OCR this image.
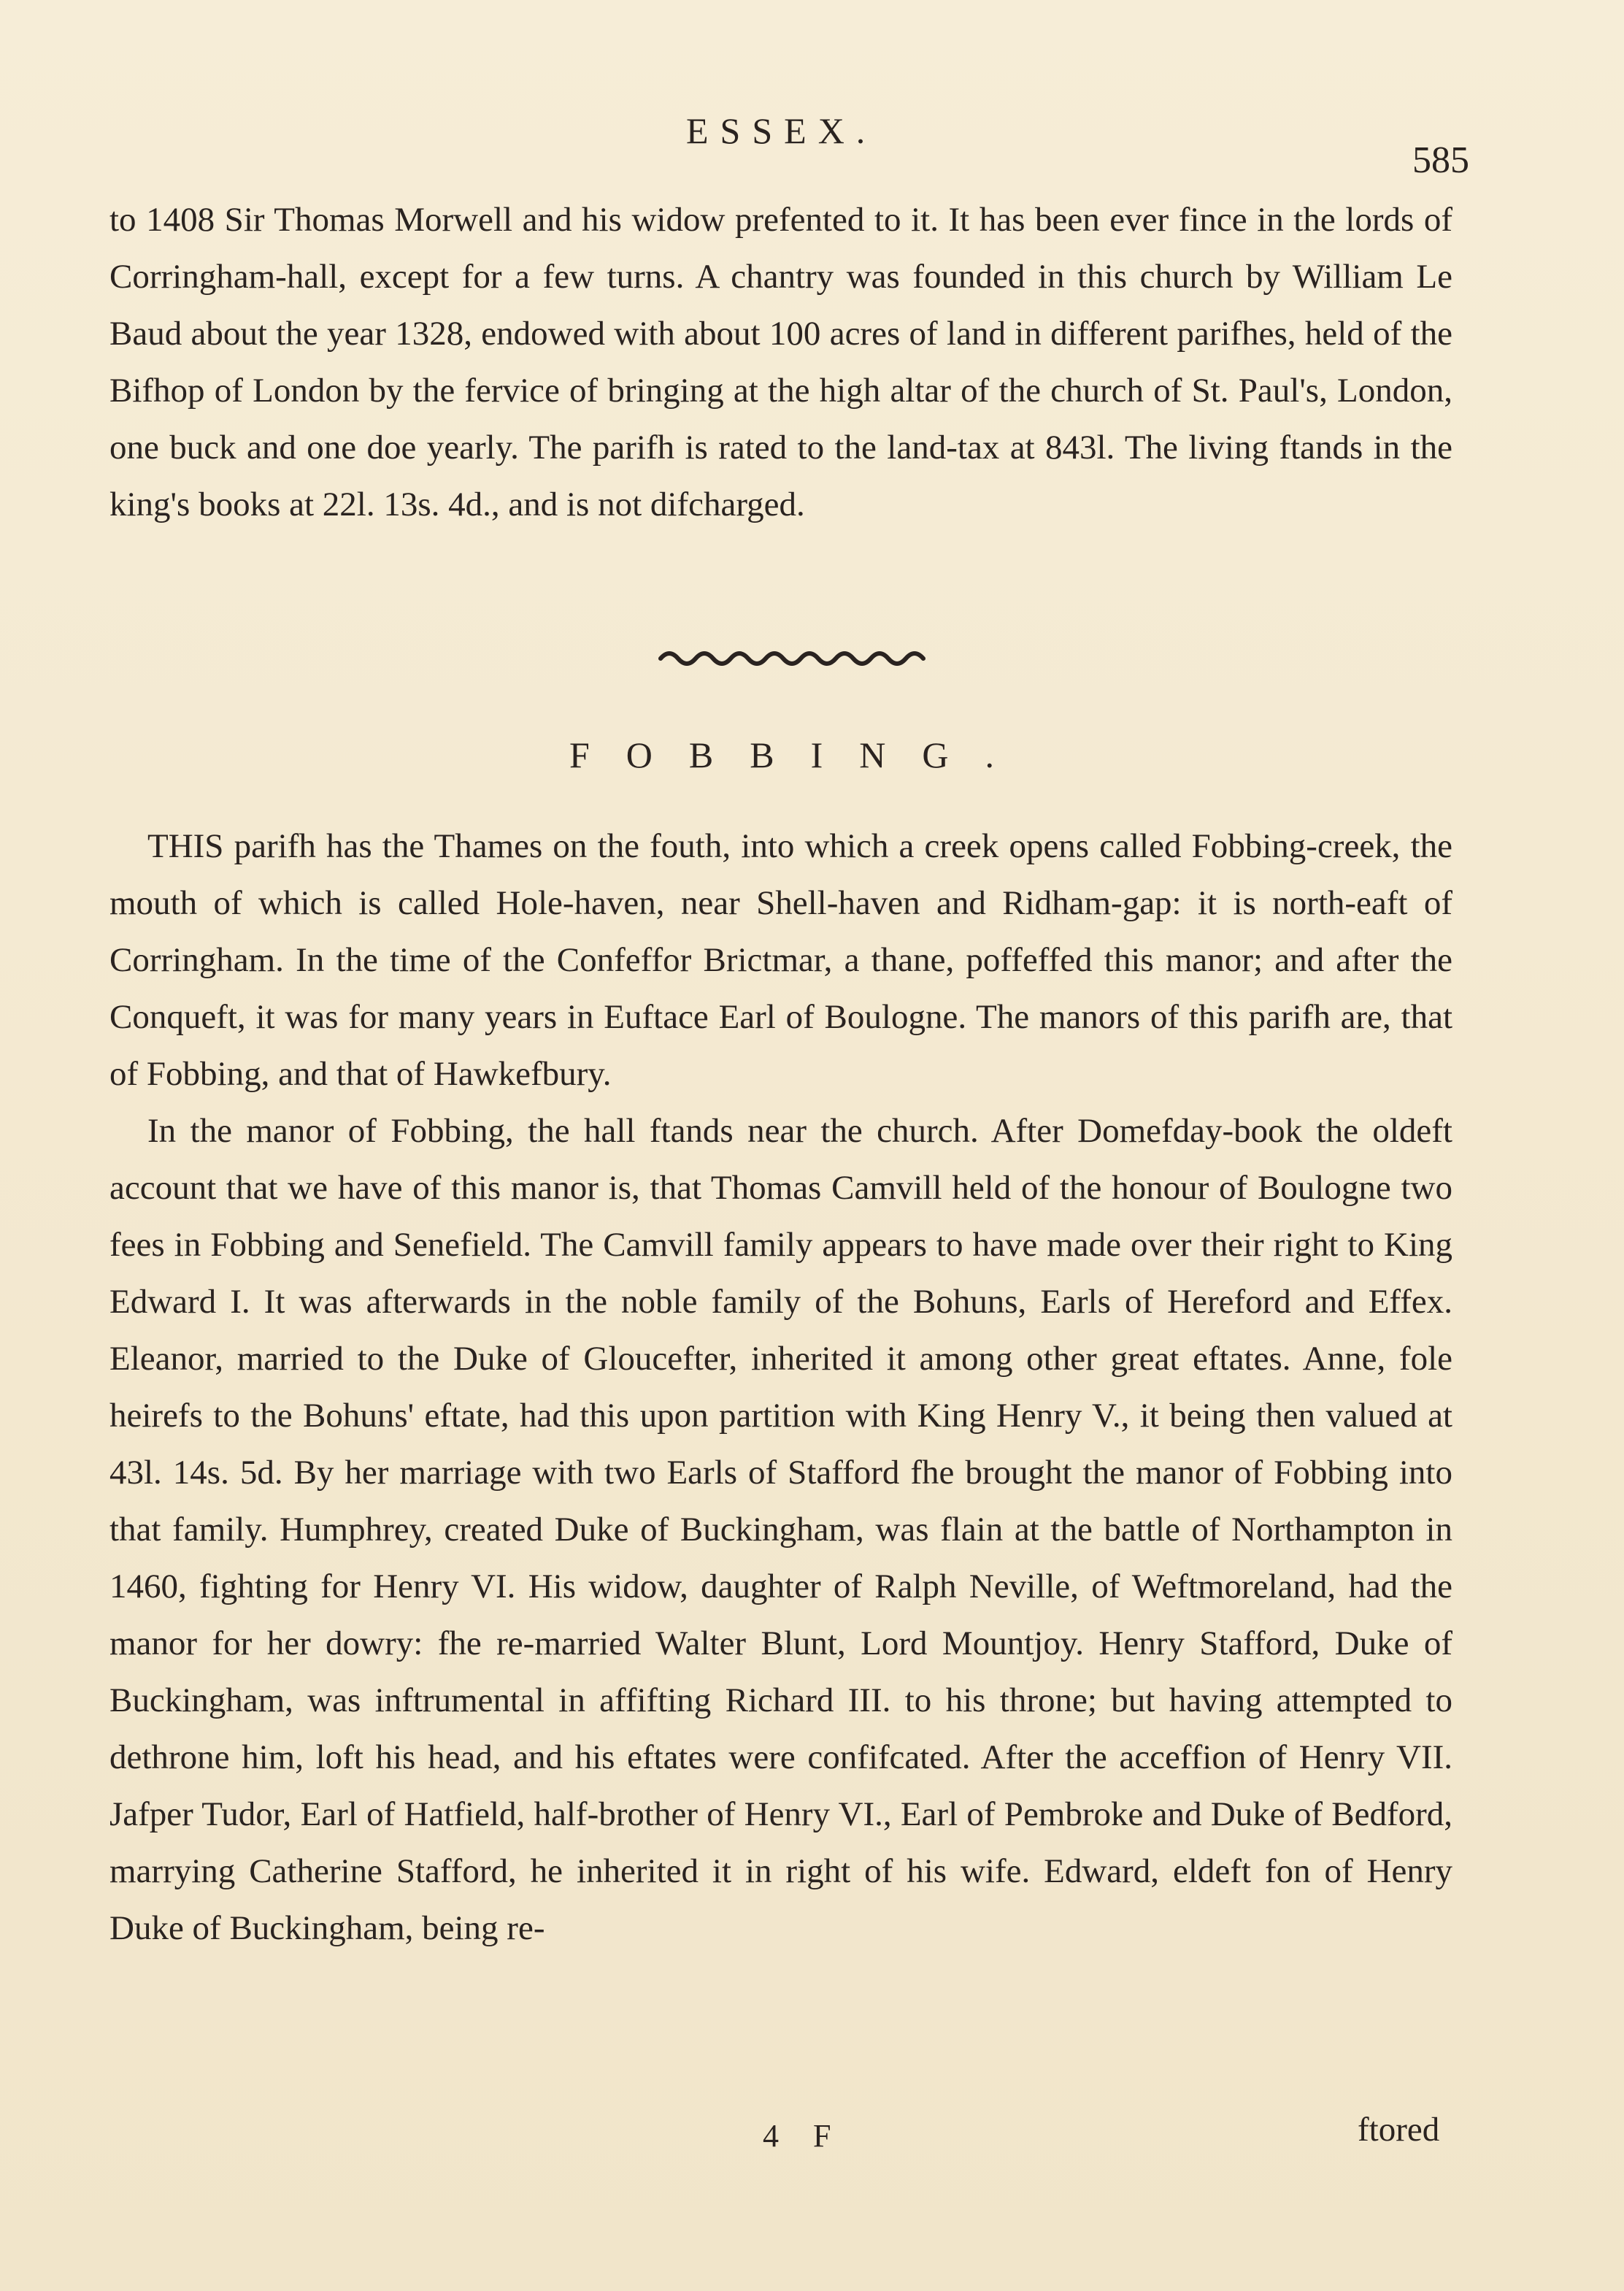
ESSEX.
585

to 1408 Sir Thomas Morwell and his widow prefented to it. It has been ever fince in the lords of Corringham-hall, except for a few turns. A chantry was founded in this church by William Le Baud about the year 1328, endowed with about 100 acres of land in different parifhes, held of the Bifhop of London by the fervice of bringing at the high altar of the church of St. Paul's, London, one buck and one doe yearly. The parifh is rated to the land-tax at 843l. The living ftands in the king's books at 22l. 13s. 4d., and is not difcharged.

FOBBING.

THIS parifh has the Thames on the fouth, into which a creek opens called Fobbing-creek, the mouth of which is called Hole-haven, near Shell-haven and Ridham-gap: it is north-eaft of Corringham. In the time of the Confeffor Brictmar, a thane, poffeffed this manor; and after the Conqueft, it was for many years in Euftace Earl of Boulogne. The manors of this parifh are, that of Fobbing, and that of Hawkefbury.

In the manor of Fobbing, the hall ftands near the church. After Domefday-book the oldeft account that we have of this manor is, that Thomas Camvill held of the honour of Boulogne two fees in Fobbing and Senefield. The Camvill family appears to have made over their right to King Edward I. It was afterwards in the noble family of the Bohuns, Earls of Hereford and Effex. Eleanor, married to the Duke of Gloucefter, inherited it among other great eftates. Anne, fole heirefs to the Bohuns' eftate, had this upon partition with King Henry V., it being then valued at 43l. 14s. 5d. By her marriage with two Earls of Stafford fhe brought the manor of Fobbing into that family. Humphrey, created Duke of Buckingham, was flain at the battle of Northampton in 1460, fighting for Henry VI. His widow, daughter of Ralph Neville, of Weftmoreland, had the manor for her dowry: fhe re-married Walter Blunt, Lord Mountjoy. Henry Stafford, Duke of Buckingham, was inftrumental in affifting Richard III. to his throne; but having attempted to dethrone him, loft his head, and his eftates were confifcated. After the acceffion of Henry VII. Jafper Tudor, Earl of Hatfield, half-brother of Henry VI., Earl of Pembroke and Duke of Bedford, marrying Catherine Stafford, he inherited it in right of his wife. Edward, eldeft fon of Henry Duke of Buckingham, being re-

4 F	ftored
